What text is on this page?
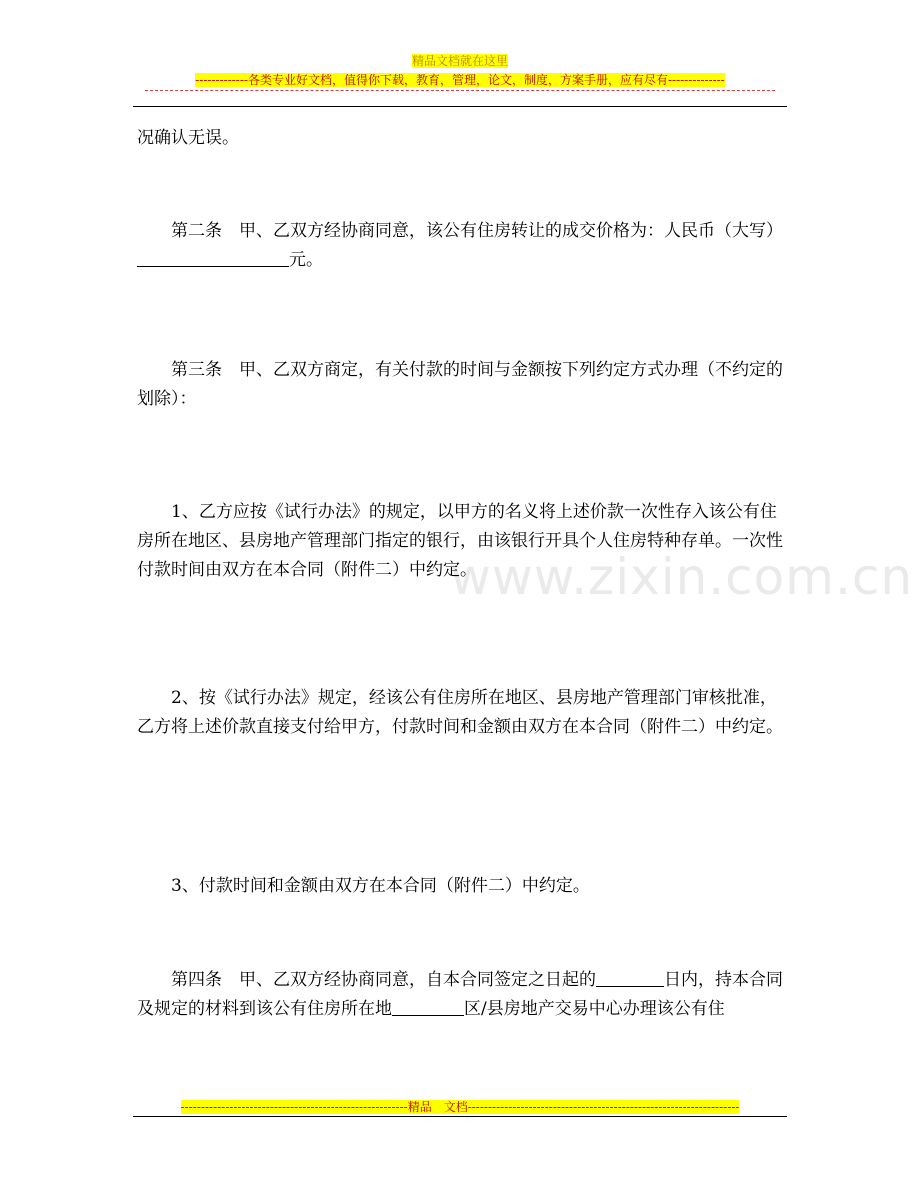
精品文档就在这里
-------------各类专业好文档，值得你下载，教育，管理，论文，制度，方案手册，应有尽有--------------
www.zixin.com.cn

况确认无误。

第二条　甲、乙双方经协商同意，该公有住房转让的成交价格为：人民币（大写）元。

第三条　甲、乙双方商定，有关付款的时间与金额按下列约定方式办理（不约定的划除）：

1、乙方应按《试行办法》的规定，以甲方的名义将上述价款一次性存入该公有住房所在地区、县房地产管理部门指定的银行，由该银行开具个人住房特种存单。一次性付款时间由双方在本合同（附件二）中约定。

2、按《试行办法》规定，经该公有住房所在地区、县房地产管理部门审核批准，乙方将上述价款直接支付给甲方，付款时间和金额由双方在本合同（附件二）中约定。

3、付款时间和金额由双方在本合同（附件二）中约定。

第四条　甲、乙双方经协商同意，自本合同签定之日起的	日内，持本合同及规定的材料到该公有住房所在地	区/县房地产交易中心办理该公有住

--------------------------------------------------------精品　文档-------------------------------------------------------------------
